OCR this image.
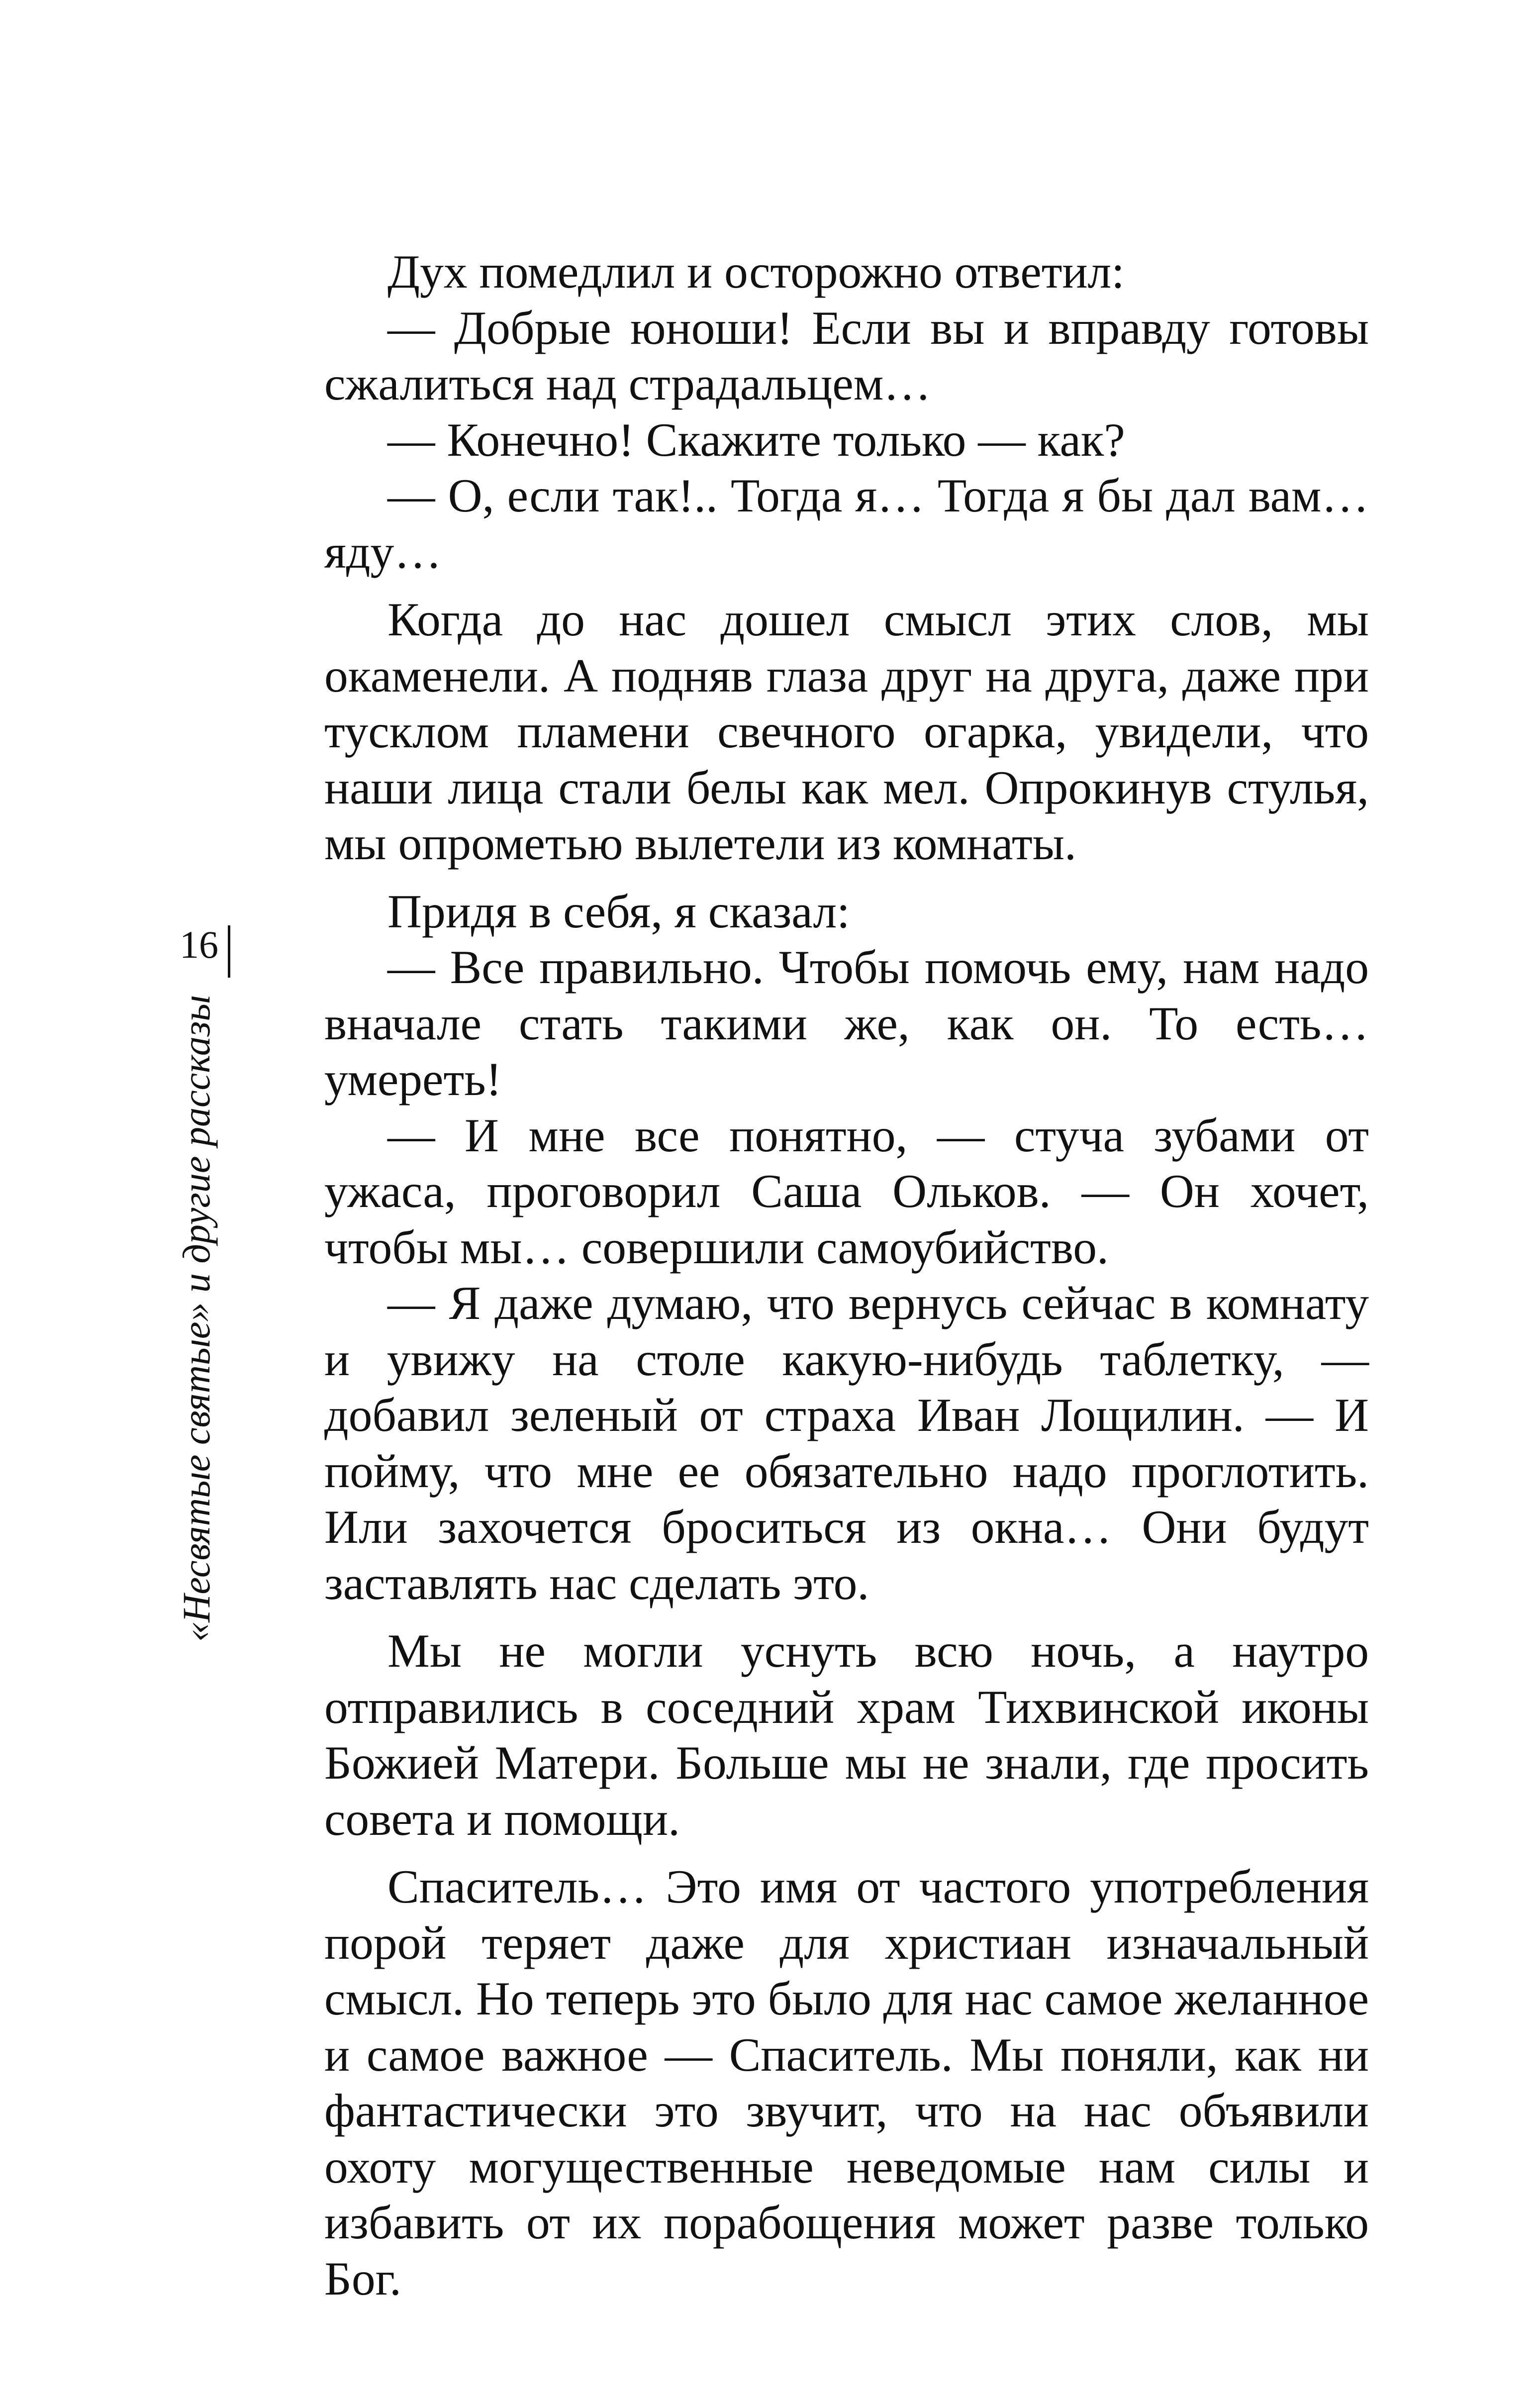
16
«Несвятые святые» и другие рассказы

Дух помедлил и осторожно ответил:

— Добрые юноши! Если вы и вправду готовы сжалиться над страдальцем…

— Конечно! Скажите только — как?

— О, если так!.. Тогда я… Тогда я бы дал вам… яду…

Когда до нас дошел смысл этих слов, мы окаменели. А подняв глаза друг на друга, даже при тусклом пламени свечного огарка, увидели, что наши лица стали белы как мел. Опрокинув стулья, мы опрометью вылетели из комнаты.

Придя в себя, я сказал:

— Все правильно. Чтобы помочь ему, нам надо вначале стать такими же, как он. То есть… умереть!

— И мне все понятно, — стуча зубами от ужаса, проговорил Саша Ольков. — Он хочет, чтобы мы… совершили самоубийство.

— Я даже думаю, что вернусь сейчас в комнату и увижу на столе какую-нибудь таблетку, — добавил зеленый от страха Иван Лощилин. — И пойму, что мне ее обязательно надо проглотить. Или захочется броситься из окна… Они будут заставлять нас сделать это.

Мы не могли уснуть всю ночь, а наутро отправились в соседний храм Тихвинской иконы Божией Матери. Больше мы не знали, где просить совета и помощи.

Спаситель… Это имя от частого употребления порой теряет даже для христиан изначальный смысл. Но теперь это было для нас самое желанное и самое важное — Спаситель. Мы поняли, как ни фантастически это звучит, что на нас объявили охоту могущественные неведомые нам силы и избавить от их порабощения может разве только Бог.
